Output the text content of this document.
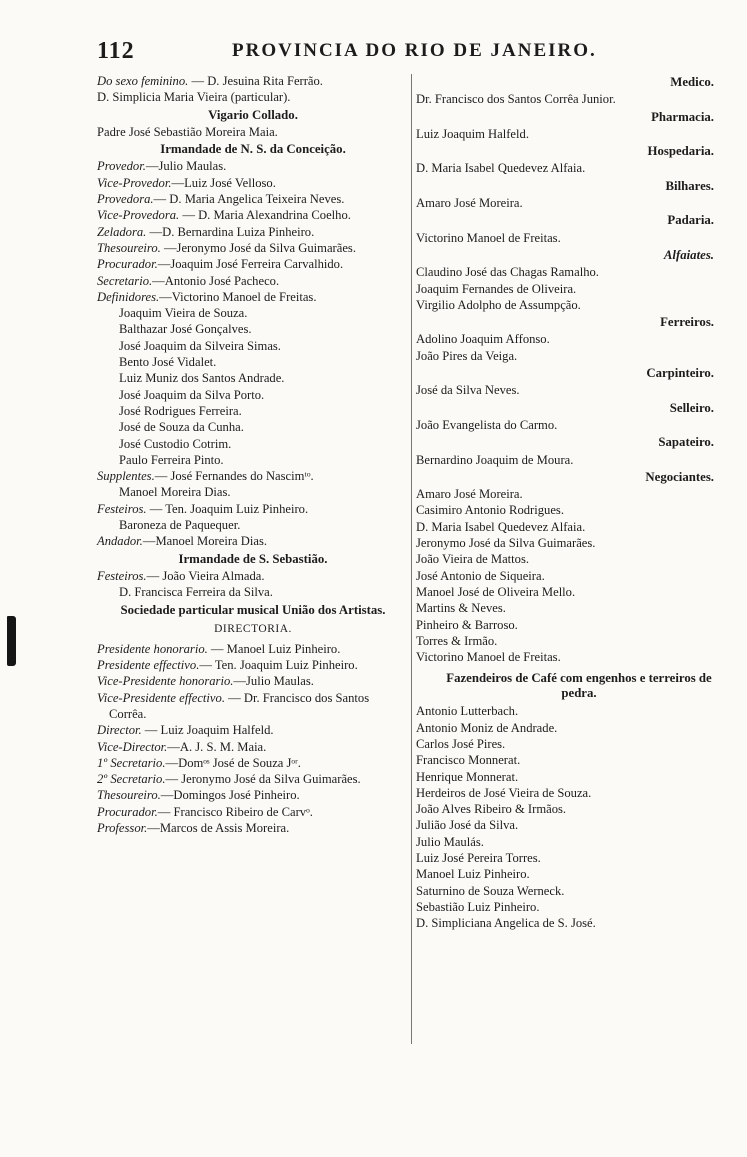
112	PROVINCIA DO RIO DE JANEIRO.
Do sexo feminino. — D. Jesuina Rita Ferrão.
D. Simplicia Maria Vieira (particular).
Vigario Collado.
Padre José Sebastião Moreira Maia.
Irmandade de N. S. da Conceição.
Provedor.—Julio Maulas.
Vice-Provedor.—Luiz José Velloso.
Provedora.— D. Maria Angelica Teixeira Neves.
Vice-Provedora. — D. Maria Alexandrina Coelho.
Zeladora. —D. Bernardina Luiza Pinheiro.
Thesoureiro. —Jeronymo José da Silva Guimarães.
Procurador.—Joaquim José Ferreira Carvalhido.
Secretario.—Antonio José Pacheco.
Definidores.—Victorino Manoel de Freitas.
Joaquim Vieira de Souza.
Balthazar José Gonçalves.
José Joaquim da Silveira Simas.
Bento José Vidalet.
Luiz Muniz dos Santos Andrade.
José Joaquim da Silva Porto.
José Rodrigues Ferreira.
José de Souza da Cunha.
José Custodio Cotrim.
Paulo Ferreira Pinto.
Supplentes.— José Fernandes do Nascimᵗᵒ.
Manoel Moreira Dias.
Festeiros. — Ten. Joaquim Luiz Pinheiro.
Baroneza de Paquequer.
Andador.—Manoel Moreira Dias.
Irmandade de S. Sebastião.
Festeiros.— João Vieira Almada.
D. Francisca Ferreira da Silva.
Sociedade particular musical União dos Artistas.
DIRECTORIA.
Presidente honorario. — Manoel Luiz Pinheiro.
Presidente effectivo.— Ten. Joaquim Luiz Pinheiro.
Vice-Presidente honorario.—Julio Maulas.
Vice-Presidente effectivo. — Dr. Francisco dos Santos Corrêa.
Director. — Luiz Joaquim Halfeld.
Vice-Director.—A. J. S. M. Maia.
1º Secretario.—Domᵒˢ José de Souza Jᵒʳ.
2º Secretario.— Jeronymo José da Silva Guimarães.
Thesoureiro.—Domingos José Pinheiro.
Procurador.— Francisco Ribeiro de Carvᵒ.
Professor.—Marcos de Assis Moreira.
Medico.
Dr. Francisco dos Santos Corrêa Junior.
Pharmacia.
Luiz Joaquim Halfeld.
Hospedaria.
D. Maria Isabel Quedevez Alfaia.
Bilhares.
Amaro José Moreira.
Padaria.
Victorino Manoel de Freitas.
Alfaiates.
Claudino José das Chagas Ramalho.
Joaquim Fernandes de Oliveira.
Virgilio Adolpho de Assumpção.
Ferreiros.
Adolino Joaquim Affonso.
João Pires da Veiga.
Carpinteiro.
José da Silva Neves.
Selleiro.
João Evangelista do Carmo.
Sapateiro.
Bernardino Joaquim de Moura.
Negociantes.
Amaro José Moreira.
Casimiro Antonio Rodrigues.
D. Maria Isabel Quedevez Alfaia.
Jeronymo José da Silva Guimarães.
João Vieira de Mattos.
José Antonio de Siqueira.
Manoel José de Oliveira Mello.
Martins & Neves.
Pinheiro & Barroso.
Torres & Irmão.
Victorino Manoel de Freitas.
Fazendeiros de Café com engenhos e terreiros de pedra.
Antonio Lutterbach.
Antonio Moniz de Andrade.
Carlos José Pires.
Francisco Monnerat.
Henrique Monnerat.
Herdeiros de José Vieira de Souza.
João Alves Ribeiro & Irmãos.
Julião José da Silva.
Julio Maulás.
Luiz José Pereira Torres.
Manoel Luiz Pinheiro.
Saturnino de Souza Werneck.
Sebastião Luiz Pinheiro.
D. Simpliciana Angelica de S. José.
